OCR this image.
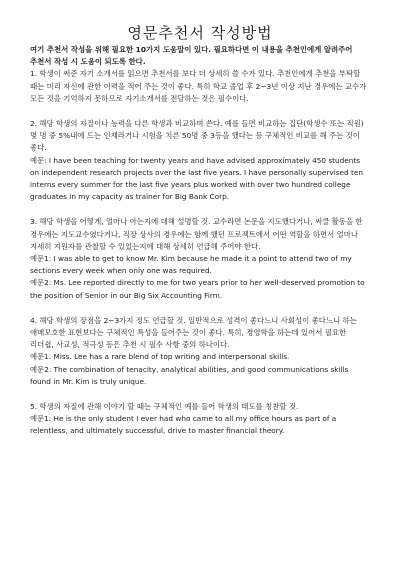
영문추천서 작성방법

여기 추천서 작성을 위해 필요한 10가지 도움말이 있다. 필요하다면 이 내용을 추천인에게 알려주어 추천서 작성 시 도움이 되도록 한다.

1. 학생이 써준 자기 소개서를 읽으면 추천서를 보다 더 상세히 쓸 수가 있다. 추천인에게 추천을 부탁할 때는 미리 자신에 관한 이력을 적어 주는 것이 좋다. 특히 학교 졸업 후 2~3년 이상 지난 경우에는 교수가 모든 것을 기억하지 못하므로 자기소개서를 전달하는 것은 필수이다.

2. 해당 학생의 자질이나 능력을 다른 학생과 비교하며 쓴다. 예를 들면 비교하는 집단(학생수 또는 직원) 몇 명 중 5%내에 드는 인재라거나 시험을 치른 50명 중 3등을 했다는 등 구체적인 비교를 해 주는 것이 좋다.

예문: I have been teaching for twenty years and have advised approximately 450 students on independent research projects over the last five years. I have personally supervised ten interns every summer for the last five years plus worked with over two hundred college graduates in my capacity as trainer for Big Bank Corp.

3. 해당 학생을 어떻게, 얼마나 아는지에 대해 설명할 것. 교수라면 논문을 지도했다거나, 써클 활동을 한 경우에는 지도교수였다거나, 직장 상사의 경우에는 함께 했던 프로젝트에서 어떤 역할을 하면서 얼마나 지세히 지원자를 관찰할 수 있었는지에 대해 상세히 언급해 주어야 한다.

예문1: I was able to get to know Mr. Kim because he made it a point to attend two of my sections every week when only one was required.

예문2: Ms. Lee reported directly to me for two years prior to her well-deserved promotion to the position of Senior in our Big Six Accounting Firm.

4. 해당 학생의 장점을 2~3가지 정도 언급할 것. 일반적으로 성격이 좋다느니 사회성이 좋다느니 하는 애매모호한 표현보다는 구체적인 특성을 들어주는 것이 좋다. 특히, 경영학을 하는데 있어서 필요한 리더쉽, 사교성, 적극성 등은 추천 시 필수 사항 중의 하나이다.

예문1: Miss. Lee has a rare blend of top writing and interpersonal skills.

예문2: The combination of tenacity, analytical abilities, and good communications skills found in Mr. Kim is truly unique.

5. 학생의 자질에 관해 이야기 할 때는 구체적인 예를 들어 학생의 태도를 칭찬할 것.

예문1: He is the only student I ever had who came to all my office hours as part of a relentless, and ultimately successful, drive to master financial theory.
